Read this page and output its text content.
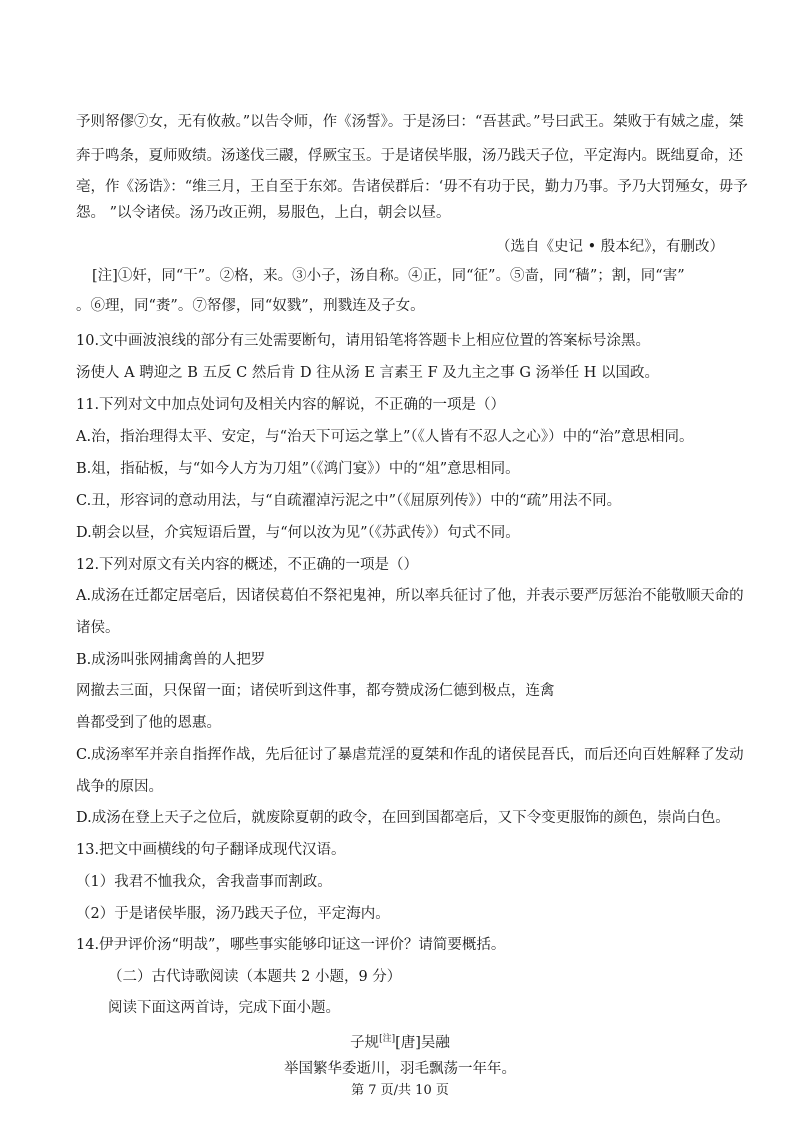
予则帑僇⑦女，无有攸赦。”以告令师，作《汤誓》。于是汤曰：“吾甚武。”号曰武王。桀败于有娀之虚，桀
奔于鸣条，夏师败绩。汤遂伐三鬷，俘厥宝玉。于是诸侯毕服，汤乃践天子位，平定海内。既绌夏命，还
亳，作《汤诰》：“维三月，王自至于东郊。告诸侯群后：‘毋不有功于民，勤力乃事。予乃大罚殛女，毋予
怨。 ”以令诸侯。汤乃改正朔，易服色，上白，朝会以昼。
（选自《史记 • 殷本纪》，有删改）
[注]①奸，同“干”。②格，来。③小子，汤自称。④正，同“征”。⑤啬，同“穑”；割，同“害”
。⑥理，同“赉”。⑦帑僇，同“奴戮”，刑戮连及子女。
10.文中画波浪线的部分有三处需要断句，请用铅笔将答题卡上相应位置的答案标号涂黑。
汤使人 A 聘迎之 B 五反 C 然后肯 D 往从汤 E 言素王 F 及九主之事 G 汤举任 H 以国政。
11.下列对文中加点处词句及相关内容的解说，不正确的一项是（）
A.治，指治理得太平、安定，与“治天下可运之掌上”（《人皆有不忍人之心》）中的“治”意思相同。
B.俎，指砧板，与“如今人方为刀俎”（《鸿门宴》）中的“俎”意思相同。
C.丑，形容词的意动用法，与“自疏濯淖污泥之中”（《屈原列传》）中的“疏”用法不同。
D.朝会以昼，介宾短语后置，与“何以汝为见”（《苏武传》）句式不同。
12.下列对原文有关内容的概述，不正确的一项是（）
A.成汤在迁都定居亳后，因诸侯葛伯不祭祀鬼神，所以率兵征讨了他，并表示要严厉惩治不能敬顺天命的
诸侯。
B.成汤叫张网捕禽兽的人把罗
网撤去三面，只保留一面；诸侯听到这件事，都夸赞成汤仁德到极点，连禽
兽都受到了他的恩惠。
C.成汤率军并亲自指挥作战，先后征讨了暴虐荒淫的夏桀和作乱的诸侯昆吾氏，而后还向百姓解释了发动
战争的原因。
D.成汤在登上天子之位后，就废除夏朝的政令，在回到国都亳后，又下令变更服饰的颜色，崇尚白色。
13.把文中画横线的句子翻译成现代汉语。
（1）我君不恤我众，舍我啬事而割政。
（2）于是诸侯毕服，汤乃践天子位，平定海内。
14.伊尹评价汤“明哉”，哪些事实能够印证这一评价？请简要概括。
（二）古代诗歌阅读（本题共 2 小题，9 分）
阅读下面这两首诗，完成下面小题。
子规[注][唐]吴融
举国繁华委逝川，羽毛飘荡一年年。
第 7 页/共 10 页
